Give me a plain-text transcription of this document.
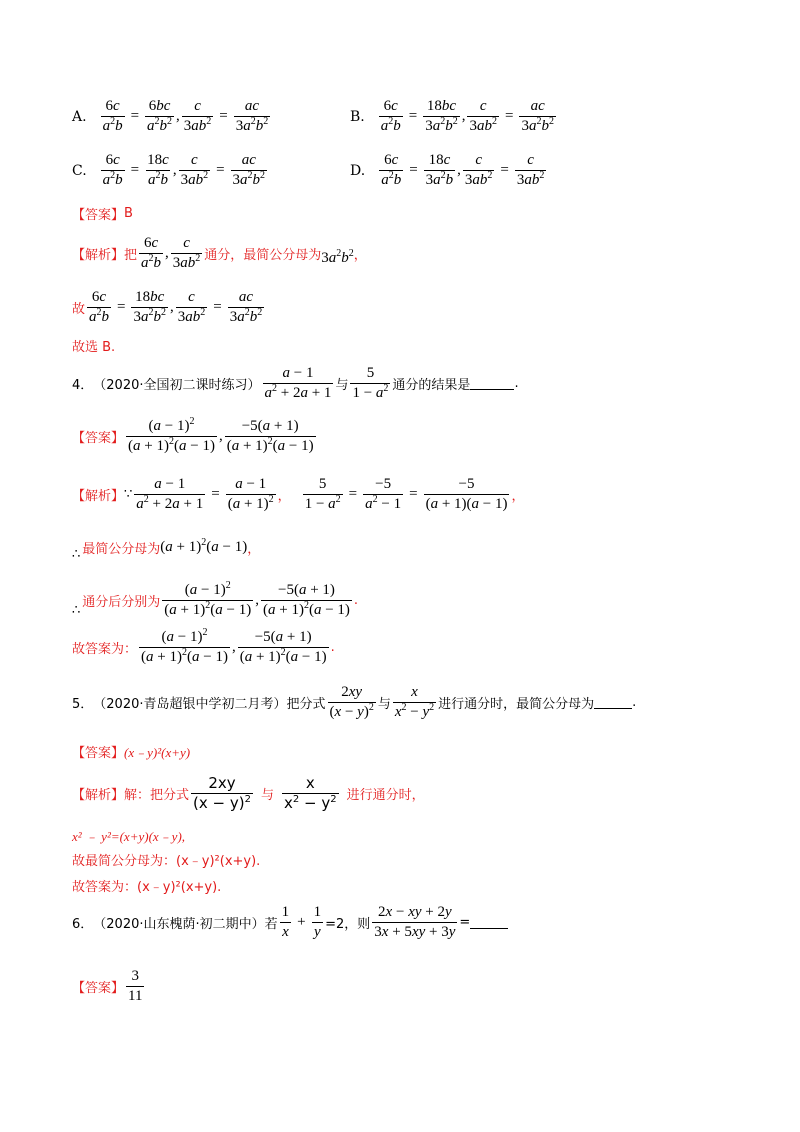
A. $\frac{6c}{a^2b} = \frac{6bc}{a^2b^2}$ , $\frac{c}{3ab^2} = \frac{ac}{3a^2b^2}$	B. $\frac{6c}{a^2b} = \frac{18bc}{3a^2b^2}$ , $\frac{c}{3ab^2} = \frac{ac}{3a^2b^2}$
C. $\frac{6c}{a^2b} = \frac{18c}{a^2b}$ , $\frac{c}{3ab^2} = \frac{ac}{3a^2b^2}$	D. $\frac{6c}{a^2b} = \frac{18c}{3a^2b}$ , $\frac{c}{3ab^2} = \frac{c}{3ab^2}$
【答案】 B
【解析】 把 $\frac{6c}{a^2b}$ , $\frac{c}{3ab^2}$ 通分，最简公分母为 $3a^2b^2$ ，
故 $\frac{6c}{a^2b} = \frac{18bc}{3a^2b^2}$ , $\frac{c}{3ab^2} = \frac{ac}{3a^2b^2}$
故选 B.
4． （2020·全国初二课时练习） $\frac{a - 1}{a^2 + 2a + 1}$ 与 $\frac{5}{1 - a^2}$ 通分的结果是	.
【答案】 $\frac{(a - 1)^2}{(a + 1)^2(a - 1)}$ , $\frac{-5(a + 1)}{(a + 1)^2(a - 1)}$
【解析】 ∵ $\frac{a - 1}{a^2 + 2a + 1} = \frac{a - 1}{(a + 1)^2}$ ， $\frac{5}{1 - a^2} = \frac{-5}{a^2 - 1} = \frac{-5}{(a + 1)(a - 1)}$ ，
∴ 最简公分母为 $(a + 1)^2(a - 1)$ ，
∴
通分后分别为 $\frac{(a - 1)^2}{(a + 1)^2(a - 1)}$ , $\frac{-5(a + 1)}{(a + 1)^2(a - 1)}$ .
故答案为： $\frac{(a - 1)^2}{(a + 1)^2(a - 1)}$ , $\frac{-5(a + 1)}{(a + 1)^2(a - 1)}$ .
5． （2020·青岛超银中学初二月考） 把分式 $\frac{2xy}{(x - y)^2}$ 与 $\frac{x}{x^2 - y^2}$ 进行通分时，最简公分母为	.
【答案】 (x﹣y)²(x+y)
【解析】 解：把分式 $\frac{2xy}{(x - y)^2}$ 与 $\frac{x}{x^2 - y^2}$ 进行通分时，
x² ﹣ y²=(x+y)(x﹣y),
故最简公分母为：(x﹣y)²(x+y).
故答案为：(x﹣y)²(x+y).
6． （2020·山东槐荫·初二期中） 若 $\frac{1}{x} + \frac{1}{y} =2$，则 $\frac{2x - xy + 2y}{3x + 5xy + 3y}$ =
【答案】 $\frac{3}{11}$
